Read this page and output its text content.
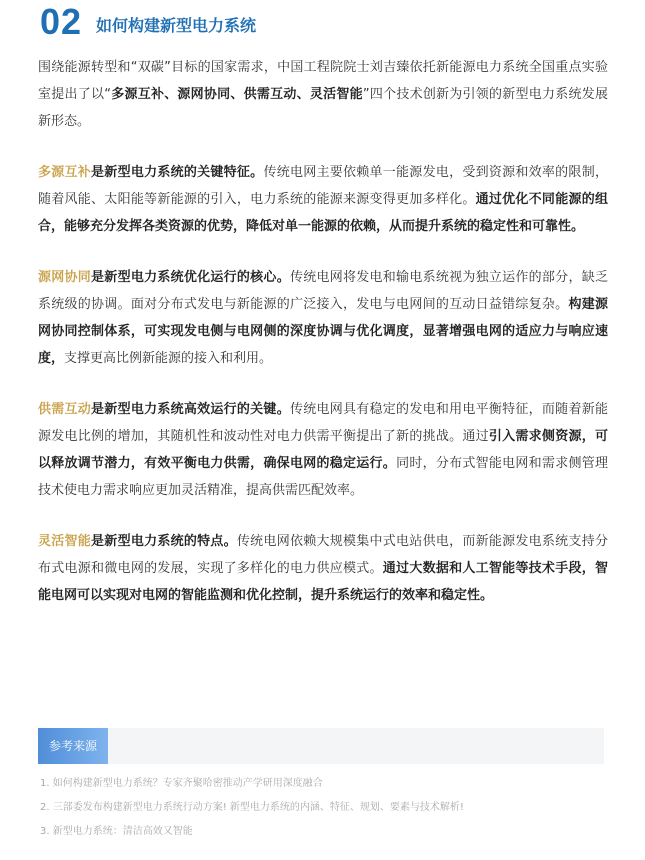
02 如何构建新型电力系统

围绕能源转型和“双碳”目标的国家需求，中国工程院院士刘吉臻依托新能源电力系统全国重点实验室提出了以“多源互补、源网协同、供需互动、灵活智能”四个技术创新为引领的新型电力系统发展新形态。

多源互补是新型电力系统的关键特征。传统电网主要依赖单一能源发电，受到资源和效率的限制，随着风能、太阳能等新能源的引入，电力系统的能源来源变得更加多样化。通过优化不同能源的组合，能够充分发挥各类资源的优势，降低对单一能源的依赖，从而提升系统的稳定性和可靠性。

源网协同是新型电力系统优化运行的核心。传统电网将发电和输电系统视为独立运作的部分，缺乏系统级的协调。面对分布式发电与新能源的广泛接入，发电与电网间的互动日益错综复杂。构建源网协同控制体系，可实现发电侧与电网侧的深度协调与优化调度，显著增强电网的适应力与响应速度，支撑更高比例新能源的接入和利用。

供需互动是新型电力系统高效运行的关键。传统电网具有稳定的发电和用电平衡特征，而随着新能源发电比例的增加，其随机性和波动性对电力供需平衡提出了新的挑战。通过引入需求侧资源，可以释放调节潜力，有效平衡电力供需，确保电网的稳定运行。同时，分布式智能电网和需求侧管理技术使电力需求响应更加灵活精准，提高供需匹配效率。

灵活智能是新型电力系统的特点。传统电网依赖大规模集中式电站供电，而新能源发电系统支持分布式电源和微电网的发展，实现了多样化的电力供应模式。通过大数据和人工智能等技术手段，智能电网可以实现对电网的智能监测和优化控制，提升系统运行的效率和稳定性。

参考来源
1. 如何构建新型电力系统？专家齐聚哈密推动产学研用深度融合
2. 三部委发布构建新型电力系统行动方案! 新型电力系统的内涵、特征、规划、要素与技术解析!
3. 新型电力系统：清洁高效又智能
